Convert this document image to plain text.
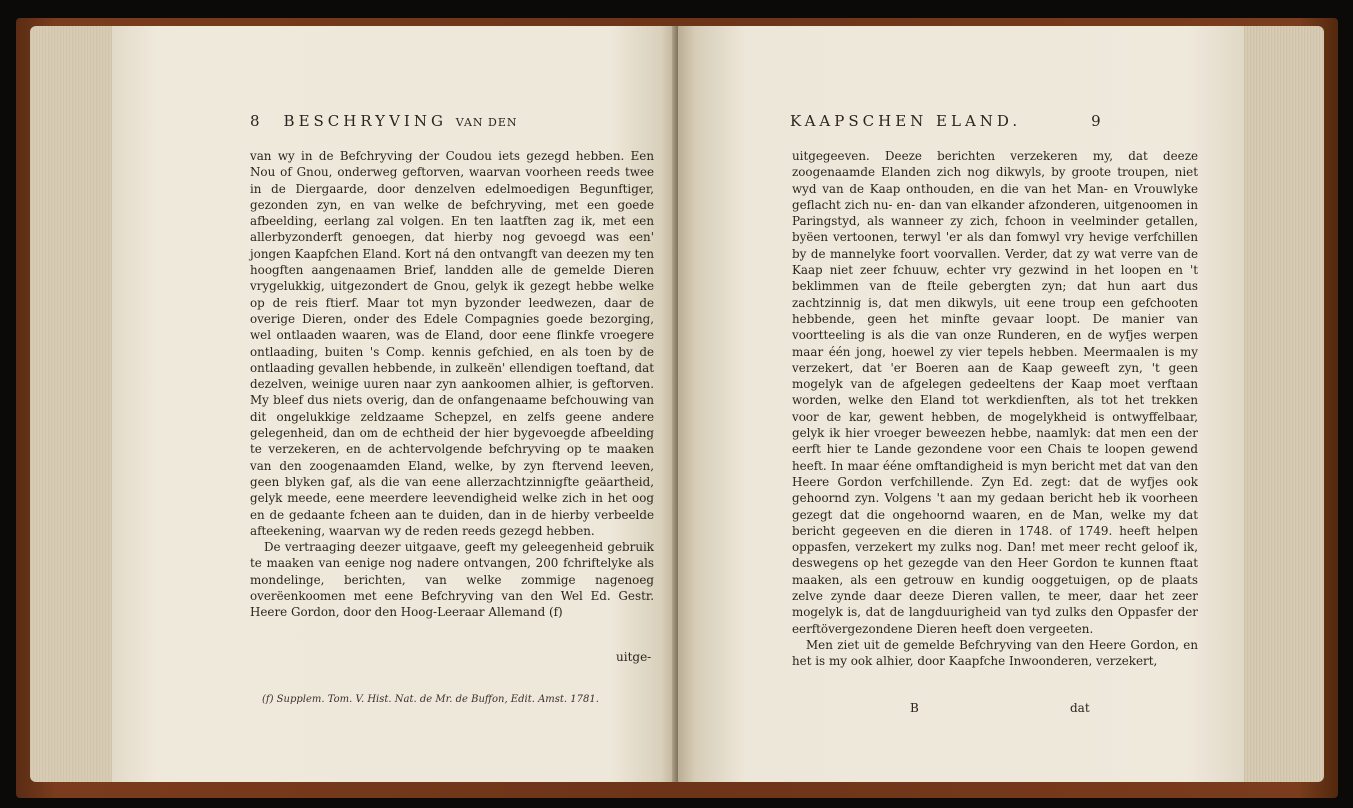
8 BESCHRYVING VAN DEN

van wy in de Befchryving der Coudou iets gezegd hebben. Een Nou of Gnou, onderweg geftorven, waarvan voorheen reeds twee in de Diergaarde, door denzelven edelmoedigen Begunftiger, gezonden zyn, en van welke de befchryving, met een goede afbeelding, eerlang zal volgen. En ten laatften zag ik, met een allerbyzonderft genoegen, dat hierby nog gevoegd was een' jongen Kaapfchen Eland. Kort ná den ontvangft van deezen my ten hoogften aangenaamen Brief, landden alle de gemelde Dieren vrygelukkig, uitgezondert de Gnou, gelyk ik gezegt hebbe welke op de reis ftierf. Maar tot myn byzonder leedwezen, daar de overige Dieren, onder des Edele Compagnies goede bezorging, wel ontlaaden waaren, was de Eland, door eene flinkfe vroegere ontlaading, buiten 's Comp. kennis gefchied, en als toen by de ontlaading gevallen hebbende, in zulkeën' ellendigen toeftand, dat dezelven, weinige uuren naar zyn aankoomen alhier, is geftorven. My bleef dus niets overig, dan de onfangenaame befchouwing van dit ongelukkige zeldzaame Schepzel, en zelfs geene andere gelegenheid, dan om de echtheid der hier bygevoegde afbeelding te verzekeren, en de achtervolgende befchryving op te maaken van den zoogenaamden Eland, welke, by zyn ftervend leeven, geen blyken gaf, als die van eene allerzachtzinnigfte geäartheid, gelyk meede, eene meerdere leevendigheid welke zich in het oog en de gedaante fcheen aan te duiden, dan in de hierby verbeelde afteekening, waarvan wy de reden reeds gezegd hebben.

De vertraaging deezer uitgaave, geeft my geleegenheid gebruik te maaken van eenige nog nadere ontvangen, 200 fchriftelyke als mondelinge, berichten, van welke zommige nagenoeg overëenkoomen met eene Befchryving van den Wel Ed. Gestr. Heere Gordon, door den Hoog-Leeraar Allemand (f)

uitge-
(f) Supplem. Tom. V. Hist. Nat. de Mr. de Buffon, Edit. Amst. 1781.
KAAPSCHEN ELAND.	9

uitgegeeven. Deeze berichten verzekeren my, dat deeze zoogenaamde Elanden zich nog dikwyls, by groote troupen, niet wyd van de Kaap onthouden, en die van het Man- en Vrouwlyke geflacht zich nu- en- dan van elkander afzonderen, uitgenoomen in Paringstyd, als wanneer zy zich, fchoon in veelminder getallen, byëen vertoonen, terwyl 'er als dan fomwyl vry hevige verfchillen by de mannelyke foort voorvallen. Verder, dat zy wat verre van de Kaap niet zeer fchuuw, echter vry gezwind in het loopen en 't beklimmen van de fteile gebergten zyn; dat hun aart dus zachtzinnig is, dat men dikwyls, uit eene troup een gefchooten hebbende, geen het minfte gevaar loopt. De manier van voortteeling is als die van onze Runderen, en de wyfjes werpen maar één jong, hoewel zy vier tepels hebben. Meermaalen is my verzekert, dat 'er Boeren aan de Kaap geweeft zyn, 't geen mogelyk van de afgelegen gedeeltens der Kaap moet verftaan worden, welke den Eland tot werkdienften, als tot het trekken voor de kar, gewent hebben, de mogelykheid is ontwyffelbaar, gelyk ik hier vroeger beweezen hebbe, naamlyk: dat men een der eerft hier te Lande gezondene voor een Chais te loopen gewend heeft. In maar ééne omftandigheid is myn bericht met dat van den Heere Gordon verfchillende. Zyn Ed. zegt: dat de wyfjes ook gehoornd zyn. Volgens 't aan my gedaan bericht heb ik voorheen gezegt dat die ongehoornd waaren, en de Man, welke my dat bericht gegeeven en die dieren in 1748. of 1749. heeft helpen oppasfen, verzekert my zulks nog. Dan! met meer recht geloof ik, deswegens op het gezegde van den Heer Gordon te kunnen ftaat maaken, als een getrouw en kundig ooggetuigen, op de plaats zelve zynde daar deeze Dieren vallen, te meer, daar het zeer mogelyk is, dat de langduurigheid van tyd zulks den Oppasfer der eerftövergezondene Dieren heeft doen vergeeten.

Men ziet uit de gemelde Befchryving van den Heere Gordon, en het is my ook alhier, door Kaapfche Inwoonderen, verzekert,

B	dat
